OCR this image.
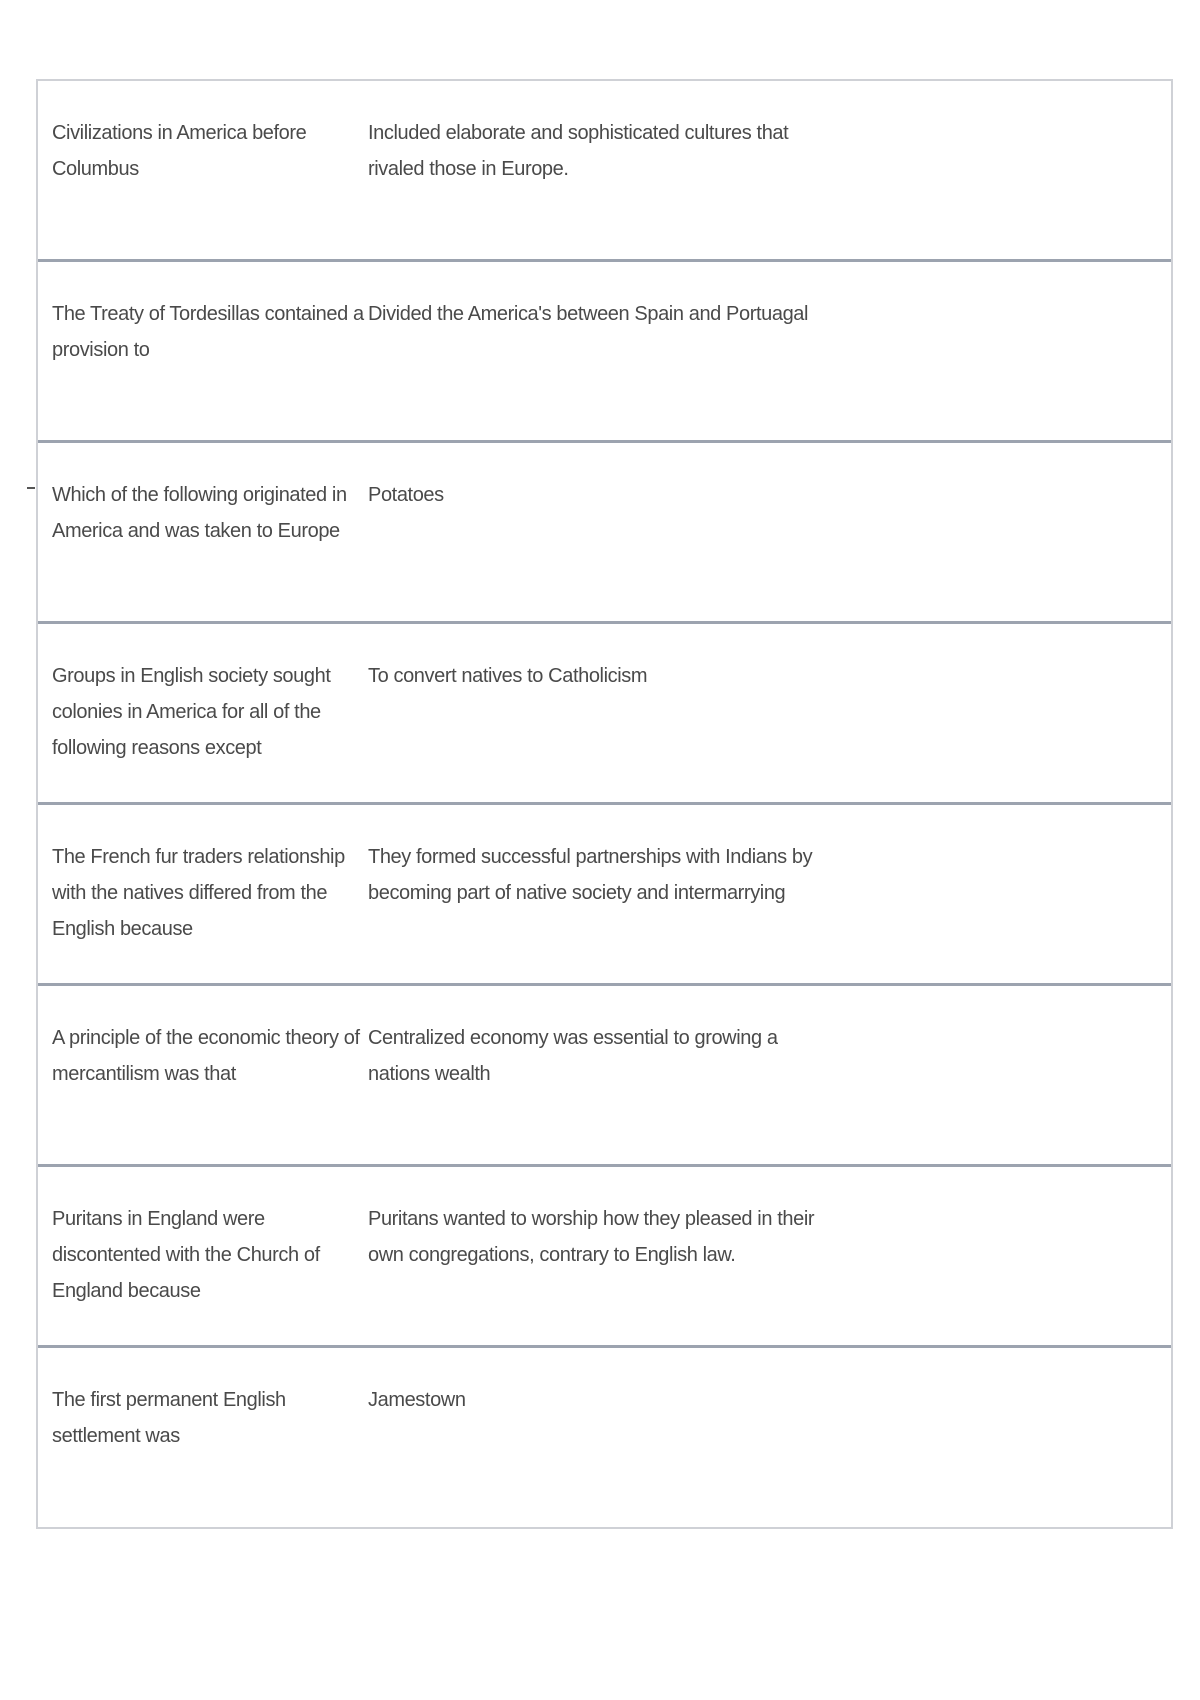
Civilizations in America before Columbus
Included elaborate and sophisticated cultures that rivaled those in Europe.
The Treaty of Tordesillas contained a provision to
Divided the America's between Spain and Portuagal
Which of the following originated in America and was taken to Europe
Potatoes
Groups in English society sought colonies in America for all of the following reasons except
To convert natives to Catholicism
The French fur traders relationship with the natives differed from the English because
They formed successful partnerships with Indians by becoming part of native society and intermarrying
A principle of the economic theory of mercantilism was that
Centralized economy was essential to growing a nations wealth
Puritans in England were discontented with the Church of England because
Puritans wanted to worship how they pleased in their own congregations, contrary to English law.
The first permanent English settlement was
Jamestown
